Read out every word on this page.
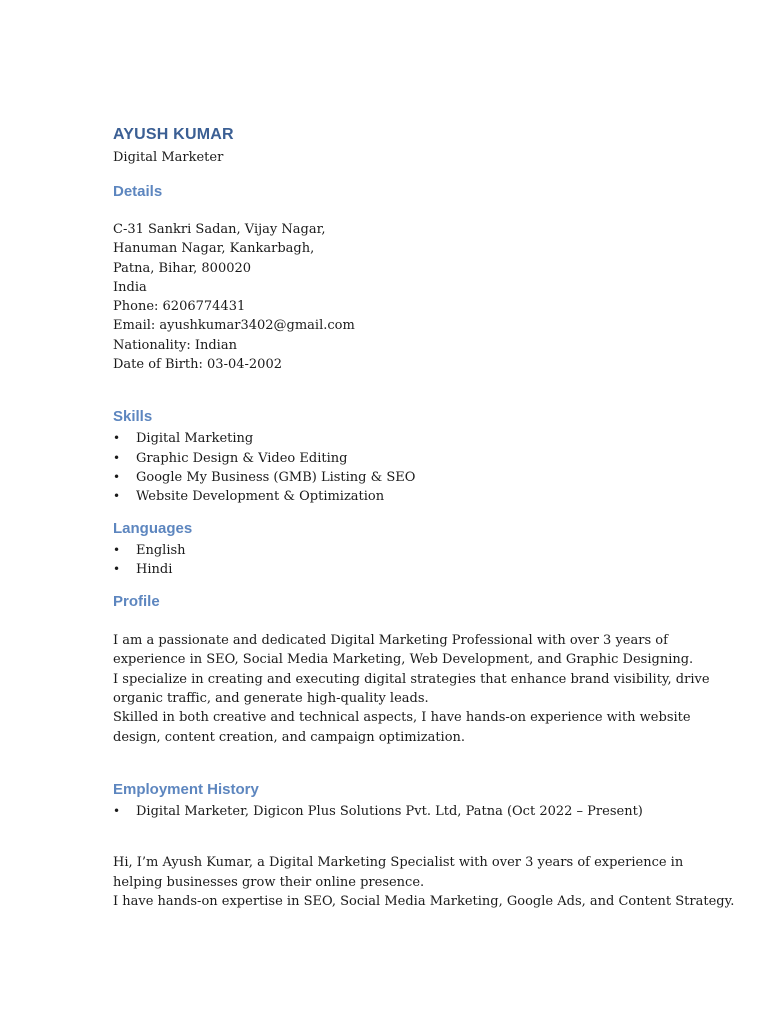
AYUSH KUMAR

Digital Marketer

Details

C-31 Sankri Sadan, Vijay Nagar,

Hanuman Nagar, Kankarbagh,

Patna, Bihar, 800020

India

Phone: 6206774431

Email: ayushkumar3402@gmail.com

Nationality: Indian

Date of Birth: 03-04-2002

Skills
• Digital Marketing
• Graphic Design & Video Editing
• Google My Business (GMB) Listing & SEO
• Website Development & Optimization
Languages
• English
• Hindi
Profile

I am a passionate and dedicated Digital Marketing Professional with over 3 years of

experience in SEO, Social Media Marketing, Web Development, and Graphic Designing.

I specialize in creating and executing digital strategies that enhance brand visibility, drive

organic traffic, and generate high-quality leads.

Skilled in both creative and technical aspects, I have hands-on experience with website

design, content creation, and campaign optimization.

Employment History
• Digital Marketer, Digicon Plus Solutions Pvt. Ltd, Patna (Oct 2022 – Present)

Hi, I’m Ayush Kumar, a Digital Marketing Specialist with over 3 years of experience in

helping businesses grow their online presence.

I have hands-on expertise in SEO, Social Media Marketing, Google Ads, and Content Strategy.
